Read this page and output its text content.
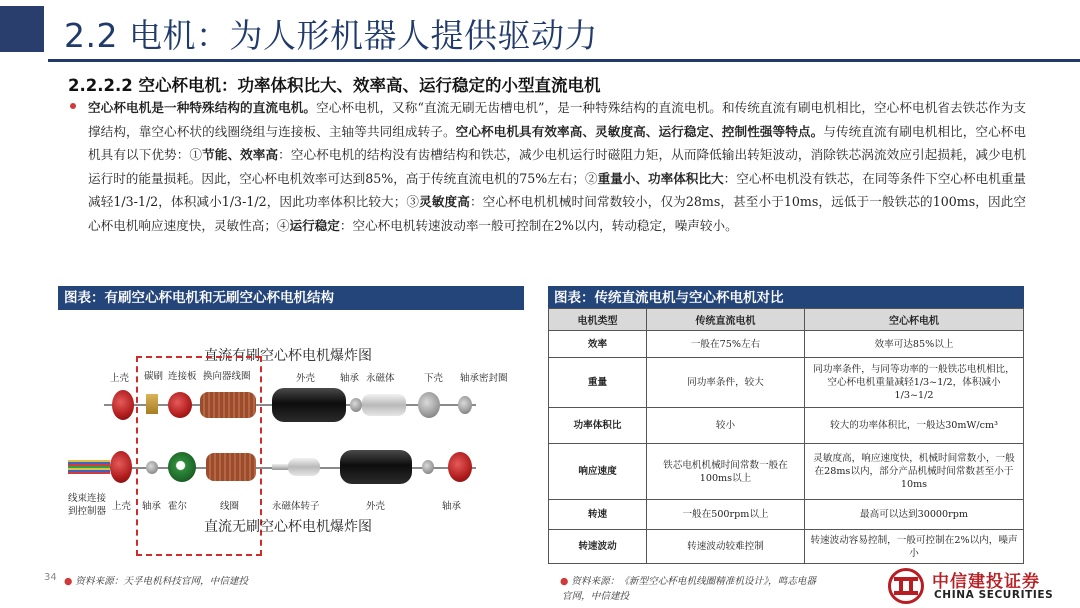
2.2 电机：为人形机器人提供驱动力
2.2.2.2 空心杯电机：功率体积比大、效率高、运行稳定的小型直流电机
空心杯电机是一种特殊结构的直流电机。空心杯电机，又称“直流无刷无齿槽电机”，是一种特殊结构的直流电机。和传统直流有刷电机相比，空心杯电机省去铁芯作为支撑结构，靠空心杯状的线圈绕组与连接板、主轴等共同组成转子。空心杯电机具有效率高、灵敏度高、运行稳定、控制性强等特点。与传统直流有刷电机相比，空心杯电机具有以下优势：①节能、效率高：空心杯电机的结构没有齿槽结构和铁芯，减少电机运行时磁阻力矩，从而降低输出转矩波动，消除铁芯涡流效应引起损耗，减少电机运行时的能量损耗。因此，空心杯电机效率可达到85%，高于传统直流电机的75%左右；②重量小、功率体积比大：空心杯电机没有铁芯，在同等条件下空心杯电机重量减轻1/3-1/2，体积减小1/3-1/2，因此功率体积比较大；③灵敏度高：空心杯电机机械时间常数较小，仅为28ms，甚至小于10ms，远低于一般铁芯的100ms，因此空心杯电机响应速度快，灵敏性高；④运行稳定：空心杯电机转速波动率一般可控制在2%以内，转动稳定，噪声较小。
图表：有刷空心杯电机和无刷空心杯电机结构
直流有刷空心杯电机爆炸图
上壳 碳刷 连接板 换向器线圈	外壳	轴承 永磁体	下壳 轴承密封圈
线束连接
到控制器 上壳 轴承 霍尔	线圈	永磁体转子	外壳	轴承
直流无刷空心杯电机爆炸图
图表：传统直流电机与空心杯电机对比
电机类型	传统直流电机	空心杯电机
效率	一般在75%左右	效率可达85%以上
重量	同功率条件，较大	同功率条件，与同等功率的一般铁芯电机相比，空心杯电机重量减轻1/3~1/2，体积减小1/3~1/2
功率体积比	较小	较大的功率体积比，一般达30mW/cm³
响应速度	铁芯电机机械时间常数一般在100ms以上	灵敏度高，响应速度快，机械时间常数小，一般在28ms以内，部分产品机械时间常数甚至小于10ms
转速	一般在500rpm以上	最高可以达到30000rpm
转速波动	转速波动较难控制	转速波动容易控制，一般可控制在2%以内，噪声小
34 ● 资料来源：天孚电机科技官网，中信建投	● 资料来源：《新型空心杯电机线圈精准机设计》，鸣志电器
官网，中信建投
中信建投证券
CHINA SECURITIES
